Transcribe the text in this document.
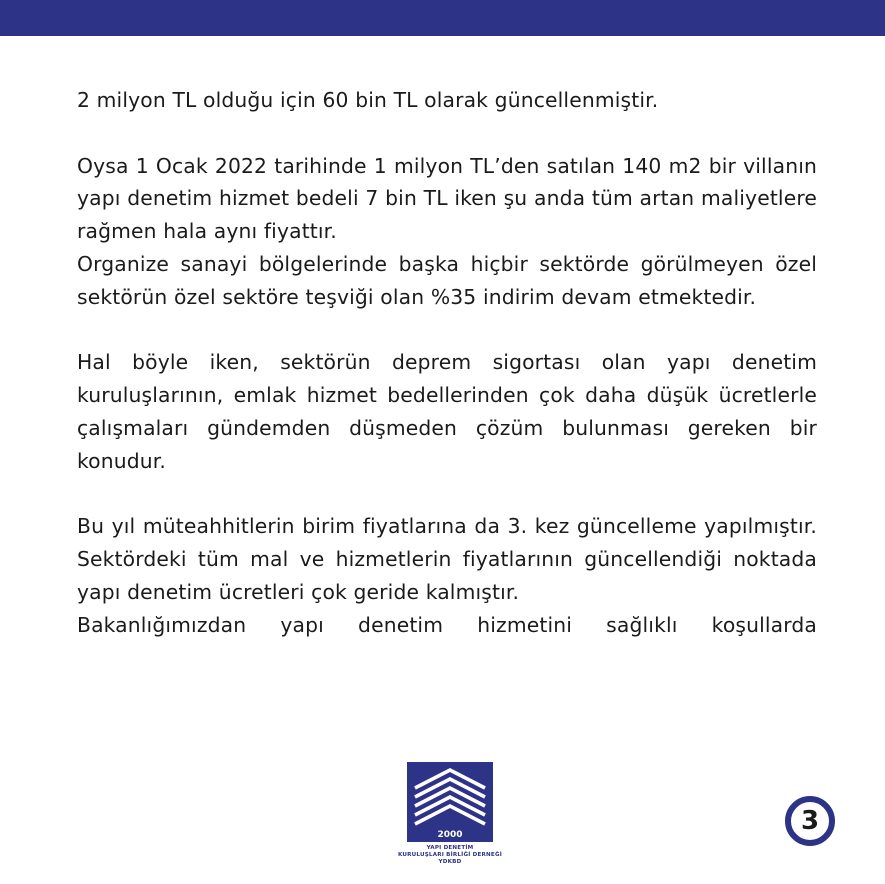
2 milyon TL olduğu için 60 bin TL olarak güncellenmiştir.

Oysa 1 Ocak 2022 tarihinde 1 milyon TL’den satılan 140 m2 bir villanın yapı denetim hizmet bedeli 7 bin TL iken şu anda tüm artan maliyetlere rağmen hala aynı fiyattır.

Organize sanayi bölgelerinde başka hiçbir sektörde görülmeyen özel sektörün özel sektöre teşviği olan %35 indirim devam etmektedir.

Hal böyle iken, sektörün deprem sigortası olan yapı denetim kuruluşlarının, emlak hizmet bedellerinden çok daha düşük ücretlerle çalışmaları gündemden düşmeden çözüm bulunması gereken bir konudur.

Bu yıl müteahhitlerin birim fiyatlarına da 3. kez güncelleme yapılmıştır. Sektördeki tüm mal ve hizmetlerin fiyatlarının güncellendiği noktada yapı denetim ücretleri çok geride kalmıştır.

Bakanlığımızdan yapı denetim hizmetini sağlıklı koşullarda

2000
YAPI DENETİM
KURULUŞLARI BİRLİĞİ DERNEĞİ
YDKBD
3
